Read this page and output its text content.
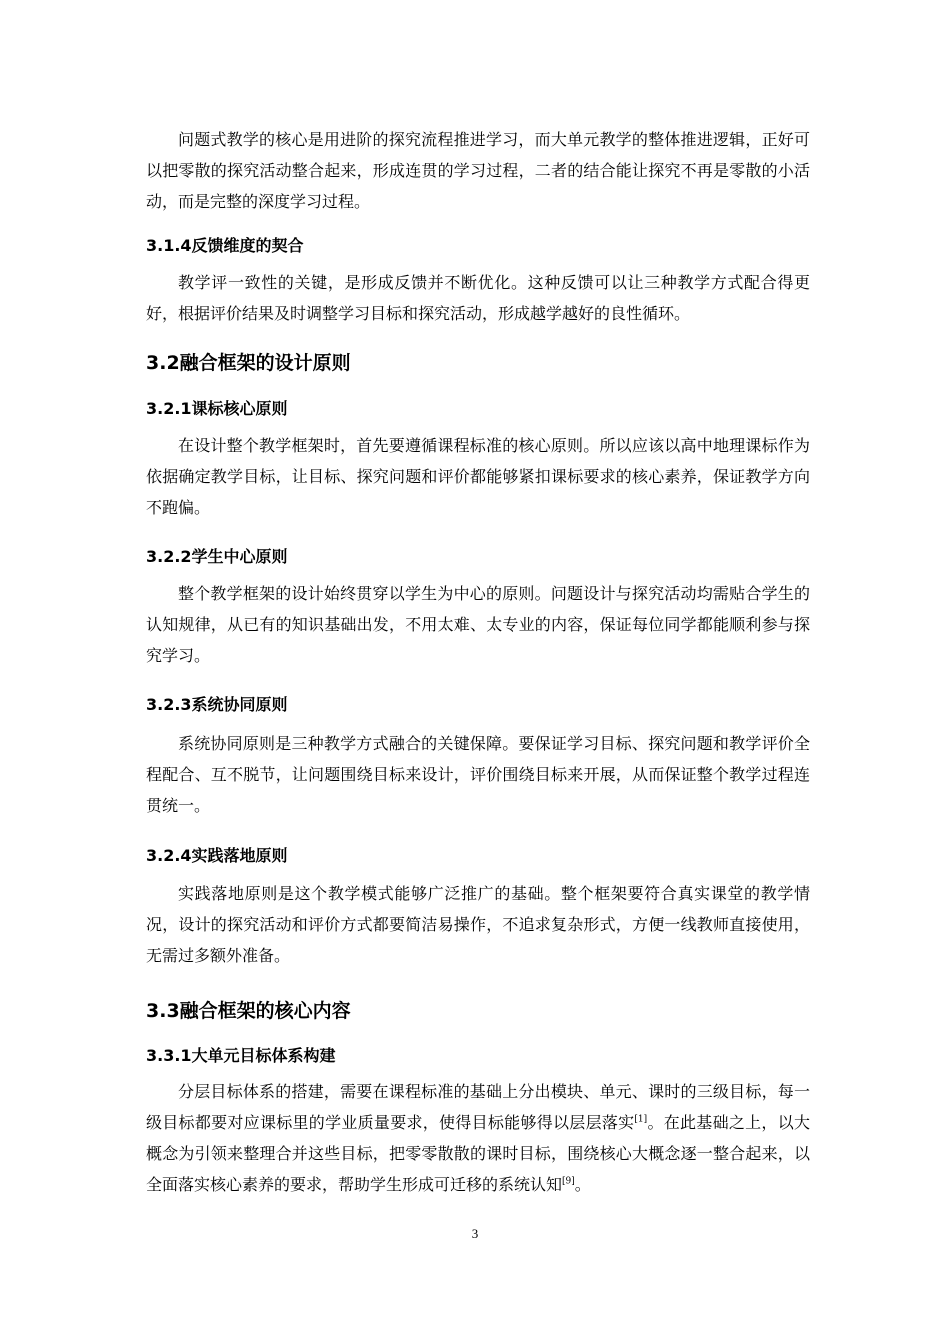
问题式教学的核心是用进阶的探究流程推进学习，而大单元教学的整体推进逻辑，正好可以把零散的探究活动整合起来，形成连贯的学习过程，二者的结合能让探究不再是零散的小活动，而是完整的深度学习过程。

3.1.4反馈维度的契合

教学评一致性的关键，是形成反馈并不断优化。这种反馈可以让三种教学方式配合得更好，根据评价结果及时调整学习目标和探究活动，形成越学越好的良性循环。

3.2融合框架的设计原则
3.2.1课标核心原则

在设计整个教学框架时，首先要遵循课程标准的核心原则。所以应该以高中地理课标作为依据确定教学目标，让目标、探究问题和评价都能够紧扣课标要求的核心素养，保证教学方向不跑偏。

3.2.2学生中心原则

整个教学框架的设计始终贯穿以学生为中心的原则。问题设计与探究活动均需贴合学生的认知规律，从已有的知识基础出发，不用太难、太专业的内容，保证每位同学都能顺利参与探究学习。

3.2.3系统协同原则

系统协同原则是三种教学方式融合的关键保障。要保证学习目标、探究问题和教学评价全程配合、互不脱节，让问题围绕目标来设计，评价围绕目标来开展，从而保证整个教学过程连贯统一。

3.2.4实践落地原则

实践落地原则是这个教学模式能够广泛推广的基础。整个框架要符合真实课堂的教学情况，设计的探究活动和评价方式都要简洁易操作，不追求复杂形式，方便一线教师直接使用，无需过多额外准备。

3.3融合框架的核心内容
3.3.1大单元目标体系构建

分层目标体系的搭建，需要在课程标准的基础上分出模块、单元、课时的三级目标，每一级目标都要对应课标里的学业质量要求，使得目标能够得以层层落实[1]。在此基础之上，以大概念为引领来整理合并这些目标，把零零散散的课时目标，围绕核心大概念逐一整合起来，以全面落实核心素养的要求，帮助学生形成可迁移的系统认知[9]。

3
